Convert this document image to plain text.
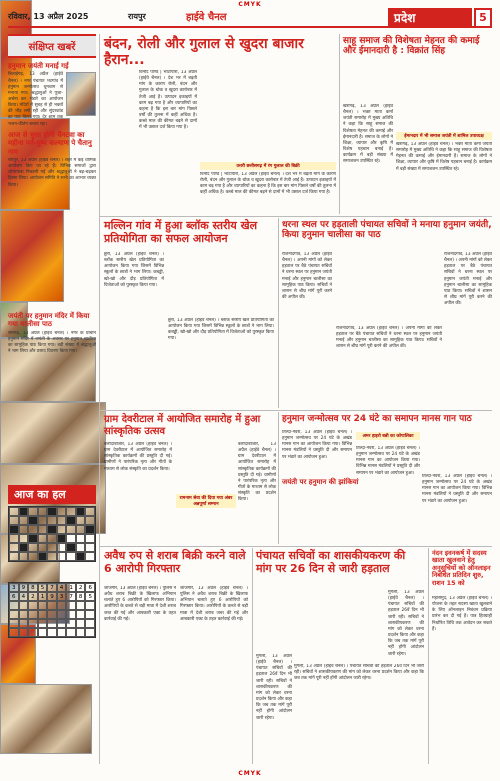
CMYK
रविवार, 13 अप्रैल 2025	रायपुर	हाईवे चैनल	प्रदेश	5
संक्षिप्त खबरें
हनुमान जयंती मनाई गई
बिलाईगढ़, 13 अप्रैल (हाईवे चैनल) । नगर पंचायत भटगांव में हनुमान जन्मोत्सव धूमधाम से मनाया गया। श्रद्धालुओं ने पूजा-अर्चना कर भंडारे का आयोजन किया। मंदिरों में सुबह से ही भक्तों की भीड़ लगी रही और सुंदरकांड का पाठ किया गया। देर शाम तक भजन-कीर्तन चलता रहा।
आज से चुस्त होगी चैनटवा का महीना पर्व-पुष्प कल्याण पे चैतानु नाम
रायपुर, 13 अप्रैल (हाईवे चैनल) । शहर में कई धार्मिक आयोजन किए जा रहे हैं। विभिन्न समाजों द्वारा शोभायात्रा निकाली गई और श्रद्धालुओं ने बढ़-चढ़कर हिस्सा लिया। आयोजन समिति ने सभी का आभार व्यक्त किया।
जयंती पर हनुमान मंदिर में किया गया चालीसा पाठ
सारंगढ़, 13 अप्रैल (हाईवे चैनल) । नगर के प्राचीन हनुमान मंदिर में जयंती के अवसर पर हनुमान चालीसा का सामूहिक पाठ किया गया। बड़ी संख्या में श्रद्धालुओं ने भाग लिया और प्रसाद वितरण किया गया।
आज का हल
3	9	8	5	7	4	1	2	6
6	4	2	1	9	3	7	8	5
बंदन, रोली और गुलाल से खुदरा बाजार हैरान...
विनोद पाण्डे | भाटापारा, 13 अप्रैल (हाईवे चैनल) । देश भर में बढ़ती मांग के कारण रोली, बंदन और गुलाल के थोक व खुदरा कारोबार में तेजी आई है। उत्पादन इकाइयों में काम बढ़ गया है और व्यापारियों का कहना है कि इस बार मांग पिछले वर्षों की तुलना में कहीं अधिक है। कच्चे माल की कीमत बढ़ने से दामों में भी उछाल दर्ज किया गया है।
उत्तरी छत्तीसगढ़ में रंग गुलाल की बिक्री
विनोद पाण्डे | भाटापारा, 13 अप्रैल (हाईवे चैनल) । देश भर में बढ़ती मांग के कारण रोली, बंदन और गुलाल के थोक व खुदरा कारोबार में तेजी आई है। उत्पादन इकाइयों में काम बढ़ गया है और व्यापारियों का कहना है कि इस बार मांग पिछले वर्षों की तुलना में कहीं अधिक है। कच्चे माल की कीमत बढ़ने से दामों में भी उछाल दर्ज किया गया है।
साहू समाज की विशेषता मेहनत की कमाई और ईमानदारी है : विक्रांत सिंह
खैरागढ़, 13 अप्रैल (हाईवे चैनल) । भक्त माता कर्मा जयंती समारोह में मुख्य अतिथि ने कहा कि साहू समाज की विशेषता मेहनत की कमाई और ईमानदारी है। समाज के लोगों ने शिक्षा, व्यापार और कृषि में विशेष पहचान बनाई है। कार्यक्रम में बड़ी संख्या में समाजजन उपस्थित रहे।
ईमानदार में भी समाज जयंती में शामिल उपाध्यक्ष
खैरागढ़, 13 अप्रैल (हाईवे चैनल) । भक्त माता कर्मा जयंती समारोह में मुख्य अतिथि ने कहा कि साहू समाज की विशेषता मेहनत की कमाई और ईमानदारी है। समाज के लोगों ने शिक्षा, व्यापार और कृषि में विशेष पहचान बनाई है। कार्यक्रम में बड़ी संख्या में समाजजन उपस्थित रहे।
मल्लिन गांव में हुआ ब्लॉक स्तरीय खेल प्रतियोगिता का सफल आयोजन
छुरा, 13 अप्रैल (हाईवे चैनल) । ब्लॉक स्तरीय खेल प्रतियोगिता का आयोजन किया गया जिसमें विभिन्न स्कूलों के छात्रों ने भाग लिया। कबड्डी, खो-खो और दौड़ प्रतियोगिता में विजेताओं को पुरस्कृत किया गया।
छुरा, 13 अप्रैल (हाईवे चैनल) । ब्लॉक स्तरीय खेल प्रतियोगिता का आयोजन किया गया जिसमें विभिन्न स्कूलों के छात्रों ने भाग लिया। कबड्डी, खो-खो और दौड़ प्रतियोगिता में विजेताओं को पुरस्कृत किया गया।
धरना स्थल पर हड़ताली पंचायत सचिवों ने मनाया हनुमान जयंती, किया हनुमान चालीसा का पाठ
राजनांदगांव, 13 अप्रैल (हाईवे चैनल) । अपनी मांगों को लेकर हड़ताल पर बैठे पंचायत सचिवों ने धरना स्थल पर हनुमान जयंती मनाई और हनुमान चालीसा का सामूहिक पाठ किया। सचिवों ने शासन से शीघ्र मांगें पूरी करने की अपील की।
राजनांदगांव, 13 अप्रैल (हाईवे चैनल) । अपनी मांगों को लेकर हड़ताल पर बैठे पंचायत सचिवों ने धरना स्थल पर हनुमान जयंती मनाई और हनुमान चालीसा का सामूहिक पाठ किया। सचिवों ने शासन से शीघ्र मांगें पूरी करने की अपील की।
राजनांदगांव, 13 अप्रैल (हाईवे चैनल) । अपनी मांगों को लेकर हड़ताल पर बैठे पंचायत सचिवों ने धरना स्थल पर हनुमान जयंती मनाई और हनुमान चालीसा का सामूहिक पाठ किया। सचिवों ने शासन से शीघ्र मांगें पूरी करने की अपील की।
ग्राम देवरीटाल में आयोजित समारोह में हुआ सांस्कृतिक उत्सव
बलौदाबाजार, 13 अप्रैल (हाईवे चैनल) । ग्राम देवरीटाल में आयोजित समारोह में सांस्कृतिक कार्यक्रमों की प्रस्तुति दी गई। ग्रामीणों ने पारंपरिक नृत्य और गीतों के माध्यम से लोक संस्कृति का प्रदर्शन किया।
रामनाम सेवा की दिया गया अंबर अन्नपूर्णा सम्मान
बलौदाबाजार, 13 अप्रैल (हाईवे चैनल) । ग्राम देवरीटाल में आयोजित समारोह में सांस्कृतिक कार्यक्रमों की प्रस्तुति दी गई। ग्रामीणों ने पारंपरिक नृत्य और गीतों के माध्यम से लोक संस्कृति का प्रदर्शन किया।
हनुमान जन्मोत्सव पर 24 घंटे का समापन मानस गान पाठ
तिल्दा-नेवरा, 13 अप्रैल (हाईवे चैनल) । हनुमान जन्मोत्सव पर 24 घंटे के अखंड मानस गान का आयोजन किया गया। विभिन्न मानस मंडलियों ने प्रस्तुति दी और समापन पर भंडारे का आयोजन हुआ।
अमर हाइरो बन्नी का कोपालिका
तिल्दा-नेवरा, 13 अप्रैल (हाईवे चैनल) । हनुमान जन्मोत्सव पर 24 घंटे के अखंड मानस गान का आयोजन किया गया। विभिन्न मानस मंडलियों ने प्रस्तुति दी और समापन पर भंडारे का आयोजन हुआ।
जयंती पर हनुमान की झांकियां
तिल्दा-नेवरा, 13 अप्रैल (हाईवे चैनल) । हनुमान जन्मोत्सव पर 24 घंटे के अखंड मानस गान का आयोजन किया गया। विभिन्न मानस मंडलियों ने प्रस्तुति दी और समापन पर भंडारे का आयोजन हुआ।
अवैध रुप से शराब बिक्री करने वाले 6 आरोपी गिरफ्तार
जांजगीर, 13 अप्रैल (हाईवे चैनल) । पुलिस ने अवैध शराब बिक्री के खिलाफ अभियान चलाते हुए 6 आरोपियों को गिरफ्तार किया। आरोपियों के कब्जे से बड़ी मात्रा में देशी शराब जब्त की गई और आबकारी एक्ट के तहत कार्रवाई की गई।
जांजगीर, 13 अप्रैल (हाईवे चैनल) । पुलिस ने अवैध शराब बिक्री के खिलाफ अभियान चलाते हुए 6 आरोपियों को गिरफ्तार किया। आरोपियों के कब्जे से बड़ी मात्रा में देशी शराब जब्त की गई और आबकारी एक्ट के तहत कार्रवाई की गई।
पंचायत सचिवों का शासकीयकरण की मांग पर 26 दिन से जारी हड़ताल
मुंगेली, 13 अप्रैल (हाईवे चैनल) । पंचायत सचिवों की हड़ताल 26वें दिन भी जारी रही। सचिवों ने शासकीयकरण की मांग को लेकर धरना प्रदर्शन किया और कहा कि जब तक मांगें पूरी नहीं होंगी आंदोलन जारी रहेगा।
मुंगेली, 13 अप्रैल (हाईवे चैनल) । पंचायत सचिवों की हड़ताल 26वें दिन भी जारी रही। सचिवों ने शासकीयकरण की मांग को लेकर धरना प्रदर्शन किया और कहा कि जब तक मांगें पूरी नहीं होंगी आंदोलन जारी रहेगा।
मुंगेली, 13 अप्रैल (हाईवे चैनल) । पंचायत सचिवों की हड़ताल 26वें दिन भी जारी रही। सचिवों ने शासकीयकरण की मांग को लेकर धरना प्रदर्शन किया और कहा कि जब तक मांगें पूरी नहीं होंगी आंदोलन जारी रहेगा।
नंदन इवनकर्ष में सदस्य खाता खुलवाने हेतु अनुसूचियों को ऑनलाइन निबंधित प्रतिदिन शुरु, राशन 15 को
महासमुंद, 13 अप्रैल (हाईवे चैनल) । योजना के तहत सदस्य खाता खुलवाने के लिए ऑनलाइन निबंधन प्रक्रिया प्रारंभ कर दी गई है। पात्र हितग्राही निर्धारित तिथि तक आवेदन कर सकते हैं।
CMYK
